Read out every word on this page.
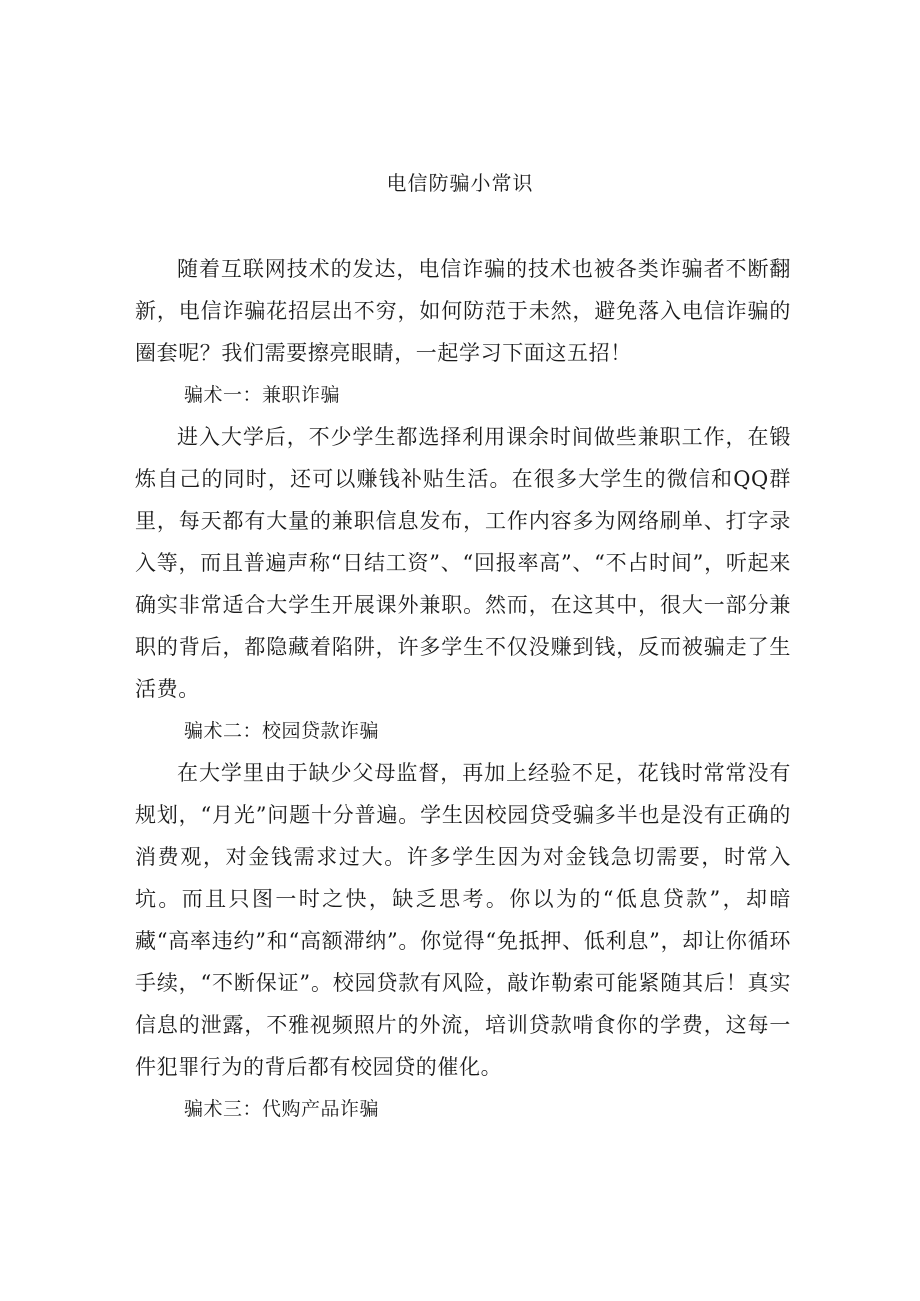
电信防骗小常识

随着互联网技术的发达，电信诈骗的技术也被各类诈骗者不断翻新，电信诈骗花招层出不穷，如何防范于未然，避免落入电信诈骗的圈套呢？我们需要擦亮眼睛，一起学习下面这五招！

骗术一：兼职诈骗

进入大学后，不少学生都选择利用课余时间做些兼职工作，在锻炼自己的同时，还可以赚钱补贴生活。在很多大学生的微信和QQ群里，每天都有大量的兼职信息发布，工作内容多为网络刷单、打字录入等，而且普遍声称“日结工资”、“回报率高”、“不占时间”，听起来确实非常适合大学生开展课外兼职。然而，在这其中，很大一部分兼职的背后，都隐藏着陷阱，许多学生不仅没赚到钱，反而被骗走了生活费。

骗术二：校园贷款诈骗

在大学里由于缺少父母监督，再加上经验不足，花钱时常常没有规划，“月光”问题十分普遍。学生因校园贷受骗多半也是没有正确的消费观，对金钱需求过大。许多学生因为对金钱急切需要，时常入坑。而且只图一时之快，缺乏思考。你以为的“低息贷款”，却暗藏“高率违约”和“高额滞纳”。你觉得“免抵押、低利息”，却让你循环手续，“不断保证”。校园贷款有风险，敲诈勒索可能紧随其后！真实信息的泄露，不雅视频照片的外流，培训贷款啃食你的学费，这每一件犯罪行为的背后都有校园贷的催化。

骗术三：代购产品诈骗
